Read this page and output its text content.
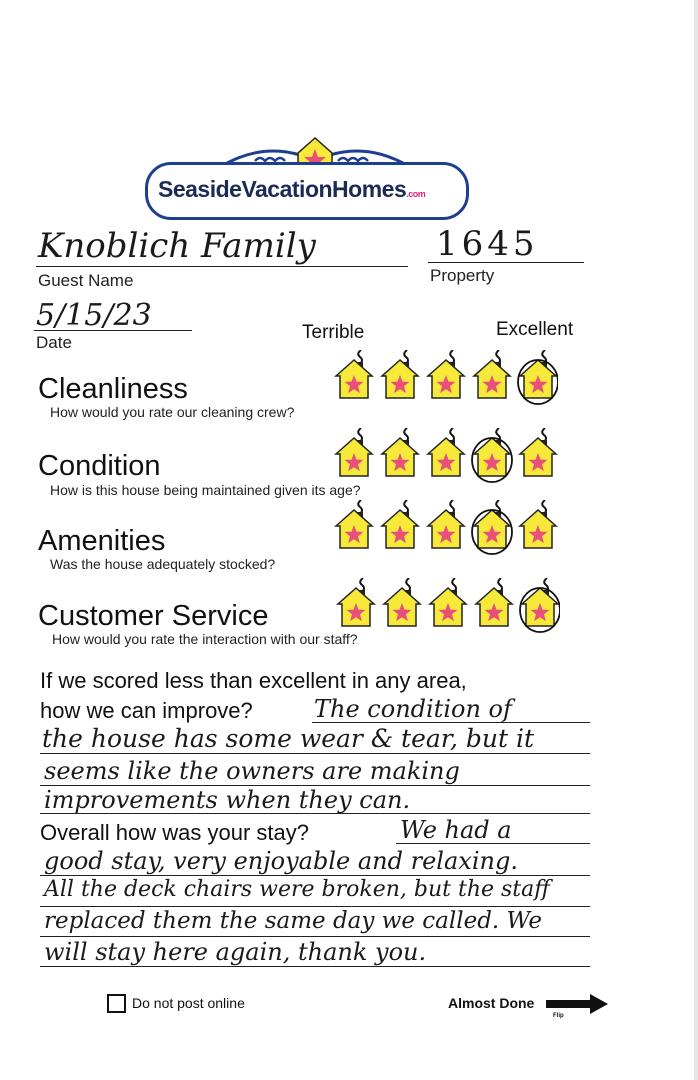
SeasideVacationHomes.com
Knoblich Family
Guest Name
1645
Property
5/15/23
Date	Terrible	Excellent
Cleanliness
How would you rate our cleaning crew?
Condition
How is this house being maintained given its age?
Amenities
Was the house adequately stocked?
Customer Service
How would you rate the interaction with our staff?
If we scored less than excellent in any area,
how we can improve?	The condition of
the house has some wear & tear, but it
seems like the owners are making
improvements when they can.
Overall how was your stay?	We had a
good stay, very enjoyable and relaxing.
All the deck chairs were broken, but the staff
replaced them the same day we called. We
will stay here again, thank you.
Do not post online	Almost Done
Flip
